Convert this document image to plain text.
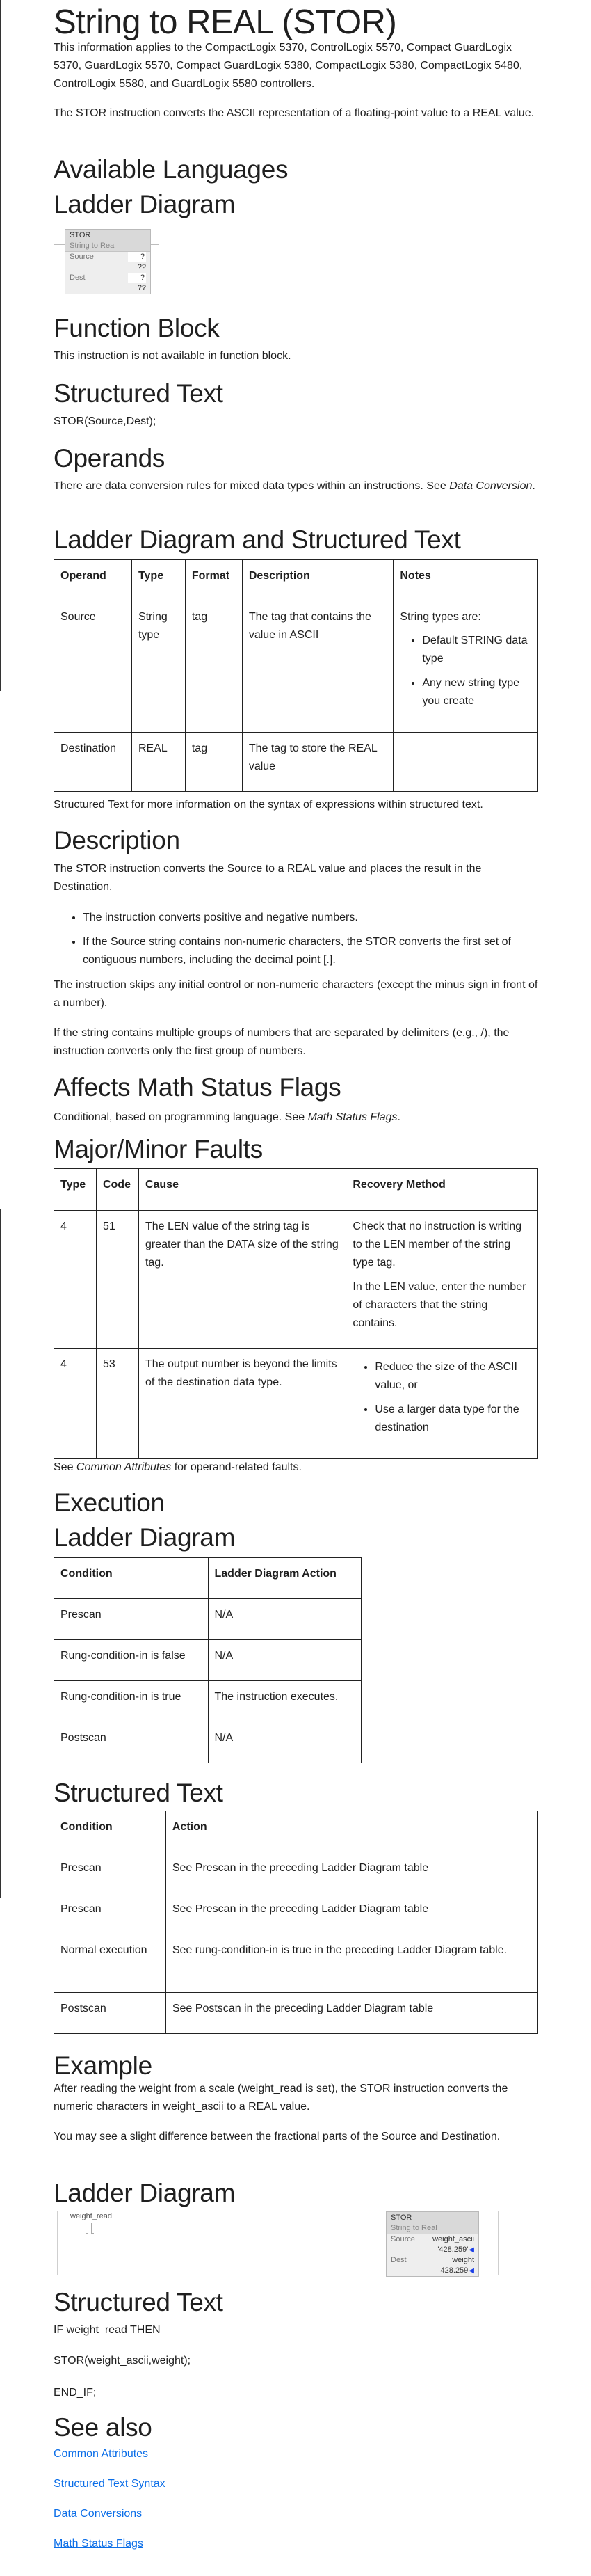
String to REAL (STOR)

This information applies to the CompactLogix 5370, ControlLogix 5570, Compact GuardLogix 5370, GuardLogix 5570, Compact GuardLogix 5380, CompactLogix 5380, CompactLogix 5480, ControlLogix 5580, and GuardLogix 5580 controllers.

The STOR instruction converts the ASCII representation of a floating-point value to a REAL value.

Available Languages
Ladder Diagram
STOR
String to Real
Source	?
??
Dest	?
??
Function Block

This instruction is not available in function block.

Structured Text

STOR(Source,Dest);

Operands

There are data conversion rules for mixed data types within an instructions. See Data Conversion.

Ladder Diagram and Structured Text
Operand	Type	Format	Description	Notes
Source	String type	tag	The tag that contains the value in ASCII	
String types are:
• Default STRING data type
• Any new string type you create

Destination	REAL	tag	The tag to store the REAL value	

Structured Text for more information on the syntax of expressions within structured text.

Description

The STOR instruction converts the Source to a REAL value and places the result in the Destination.

• The instruction converts positive and negative numbers.
• If the Source string contains non-numeric characters, the STOR converts the first set of contiguous numbers, including the decimal point [.].

The instruction skips any initial control or non-numeric characters (except the minus sign in front of a number).

If the string contains multiple groups of numbers that are separated by delimiters (e.g., /), the instruction converts only the first group of numbers.

Affects Math Status Flags

Conditional, based on programming language. See Math Status Flags.

Major/Minor Faults
Type	Code	Cause	Recovery Method
4	51	The LEN value of the string tag is greater than the DATA size of the string tag.	Check that no instruction is writing to the LEN member of the string type tag.

In the LEN value, enter the number of characters that the string contains.

4	53	The output number is beyond the limits of the destination data type.	
• Reduce the size of the ASCII value, or
• Use a larger data type for the destination

See Common Attributes for operand-related faults.

Execution
Ladder Diagram
Condition	Ladder Diagram Action
Prescan	N/A
Rung-condition-in is false	N/A
Rung-condition-in is true	The instruction executes.
Postscan	N/A
Structured Text
Condition	Action
Prescan	See Prescan in the preceding Ladder Diagram table
Prescan	See Prescan in the preceding Ladder Diagram table
Normal execution	See rung-condition-in is true in the preceding Ladder Diagram table.
Postscan	See Postscan in the preceding Ladder Diagram table
Example

After reading the weight from a scale (weight_read is set), the STOR instruction converts the numeric characters in weight_ascii to a REAL value.

You may see a slight difference between the fractional parts of the Source and Destination.

Ladder Diagram
weight_read	STOR
String to Real
Source weight_ascii
'428.259'◀
Dest	weight
428.259◀
Structured Text

IF weight_read THEN

STOR(weight_ascii,weight);

END_IF;

See also
Common Attributes
Structured Text Syntax
Data Conversions
Math Status Flags
